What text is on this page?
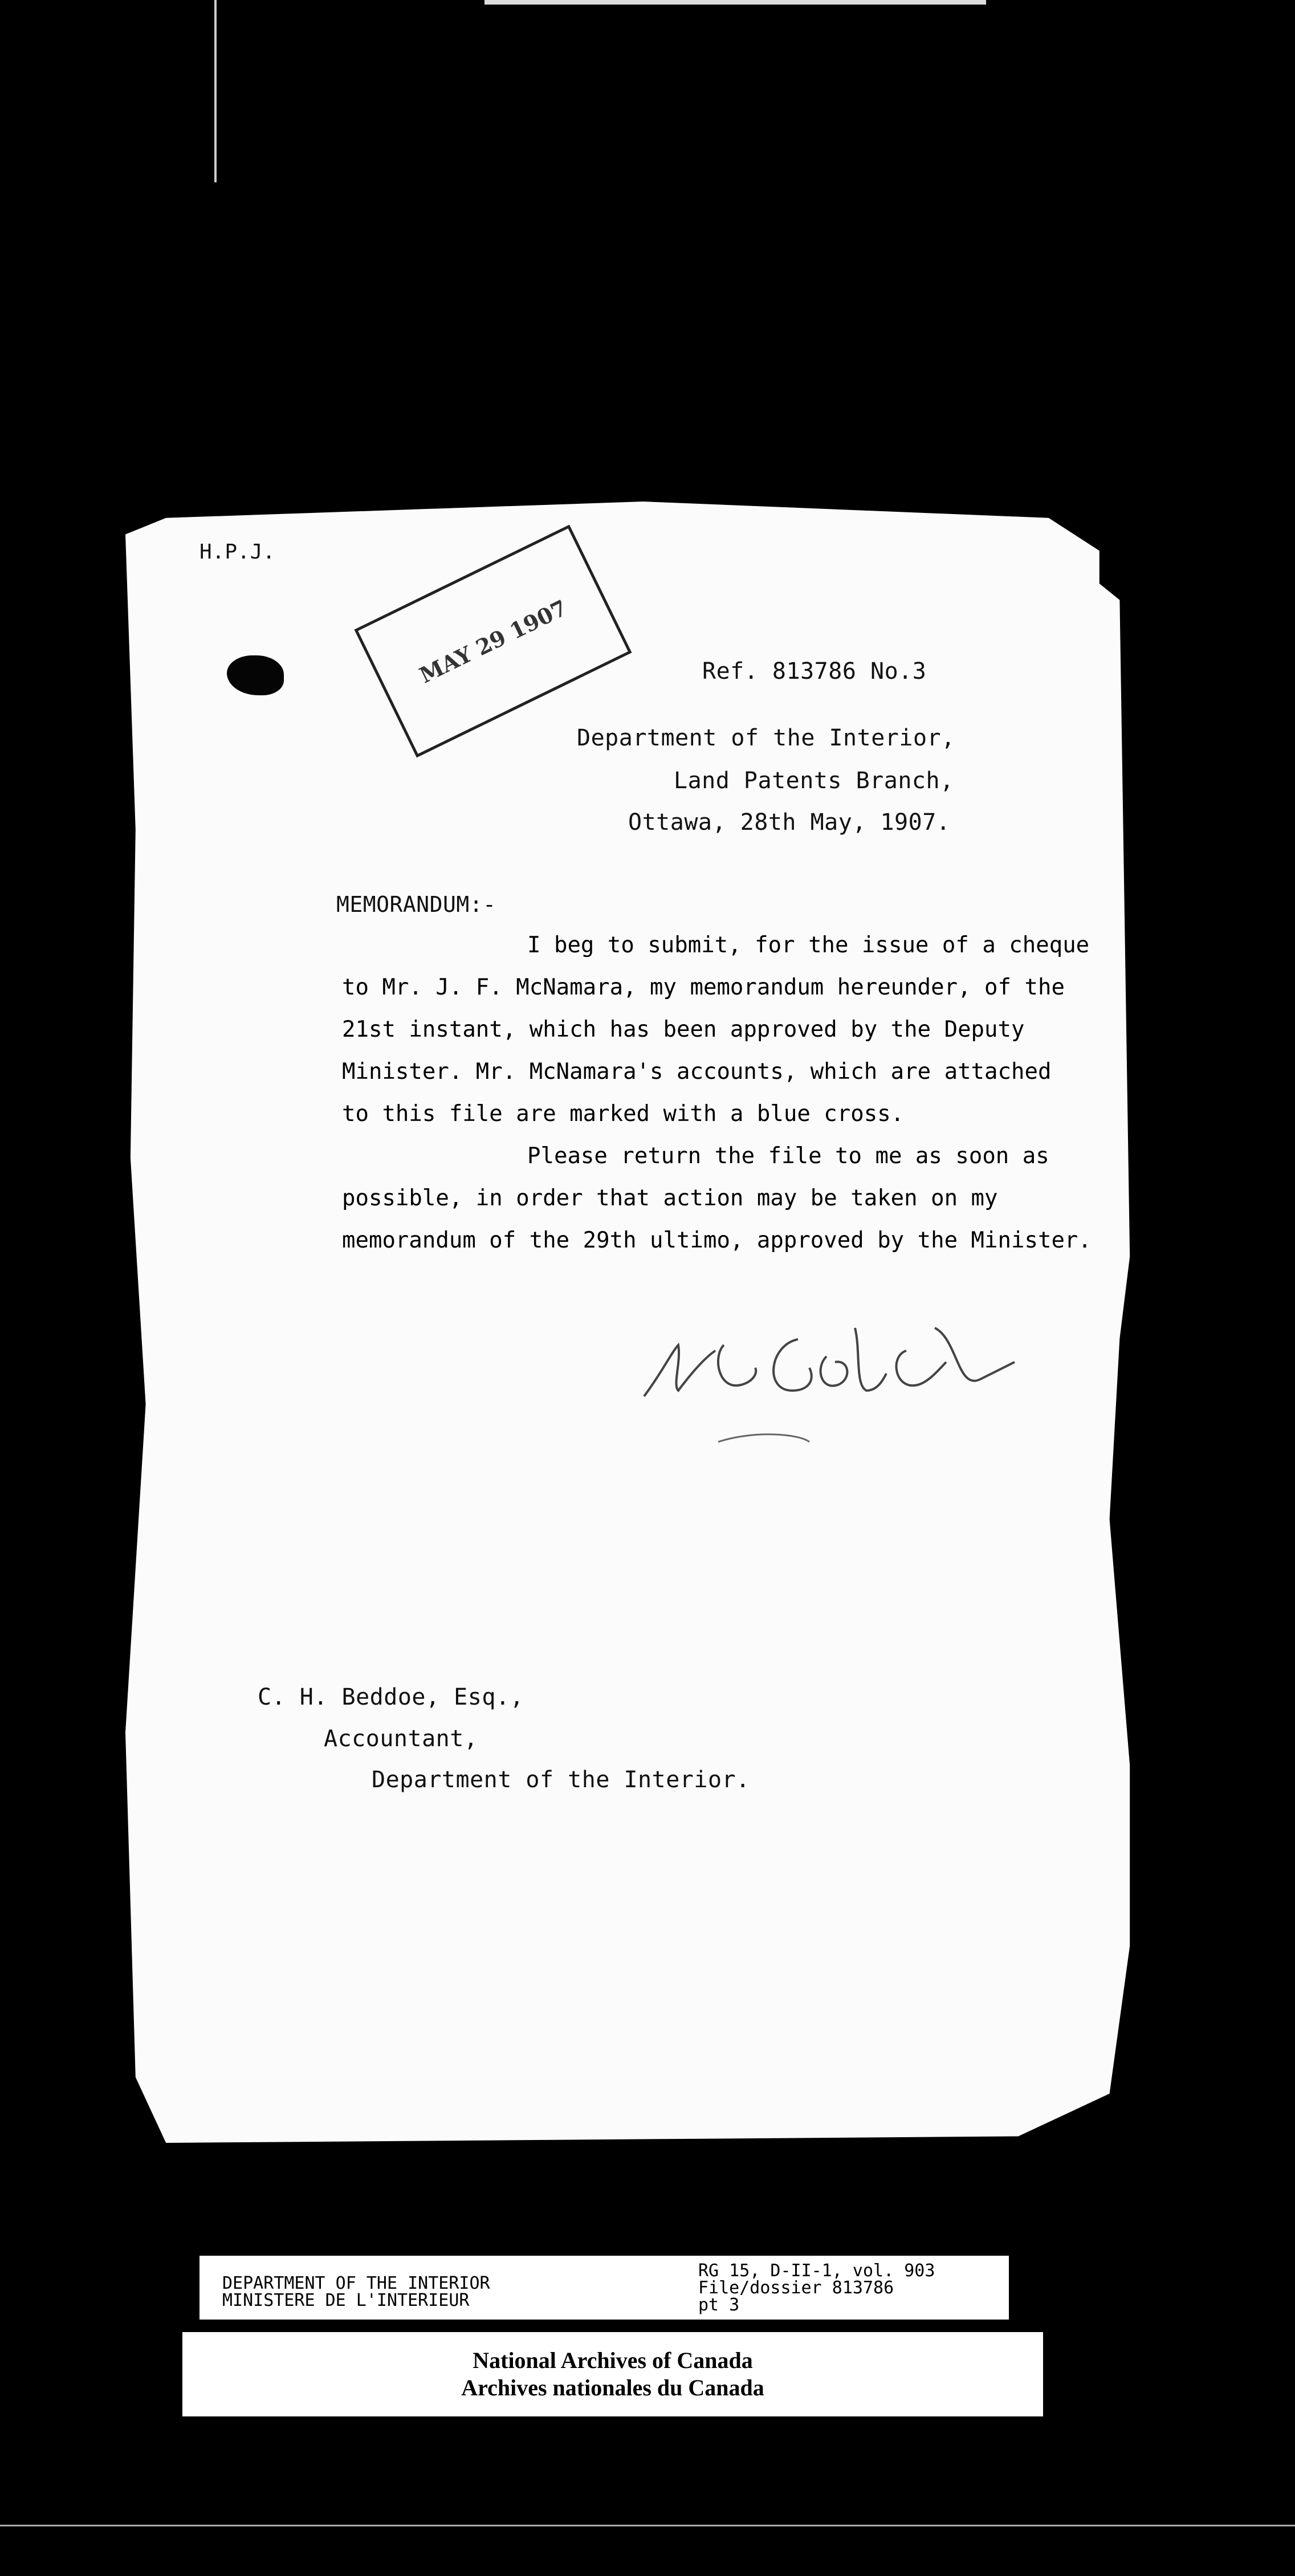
H.P.J.
MAY 29 1907	Ref. 813786 No.3
Department of the Interior,
Land Patents Branch,
Ottawa, 28th May, 1907.
MEMORANDUM:-
I beg to submit, for the issue of a cheque
to Mr. J. F. McNamara, my memorandum hereunder, of the
21st instant, which has been approved by the Deputy
Minister. Mr. McNamara's accounts, which are attached
to this file are marked with a blue cross.
Please return the file to me as soon as
possible, in order that action may be taken on my
memorandum of the 29th ultimo, approved by the Minister.
C. H. Beddoe, Esq.,
Accountant,
Department of the Interior.
DEPARTMENT OF THE INTERIOR
MINISTERE DE L'INTERIEUR
RG 15, D-II-1, vol. 903
File/dossier 813786
pt 3
National Archives of Canada
Archives nationales du Canada
